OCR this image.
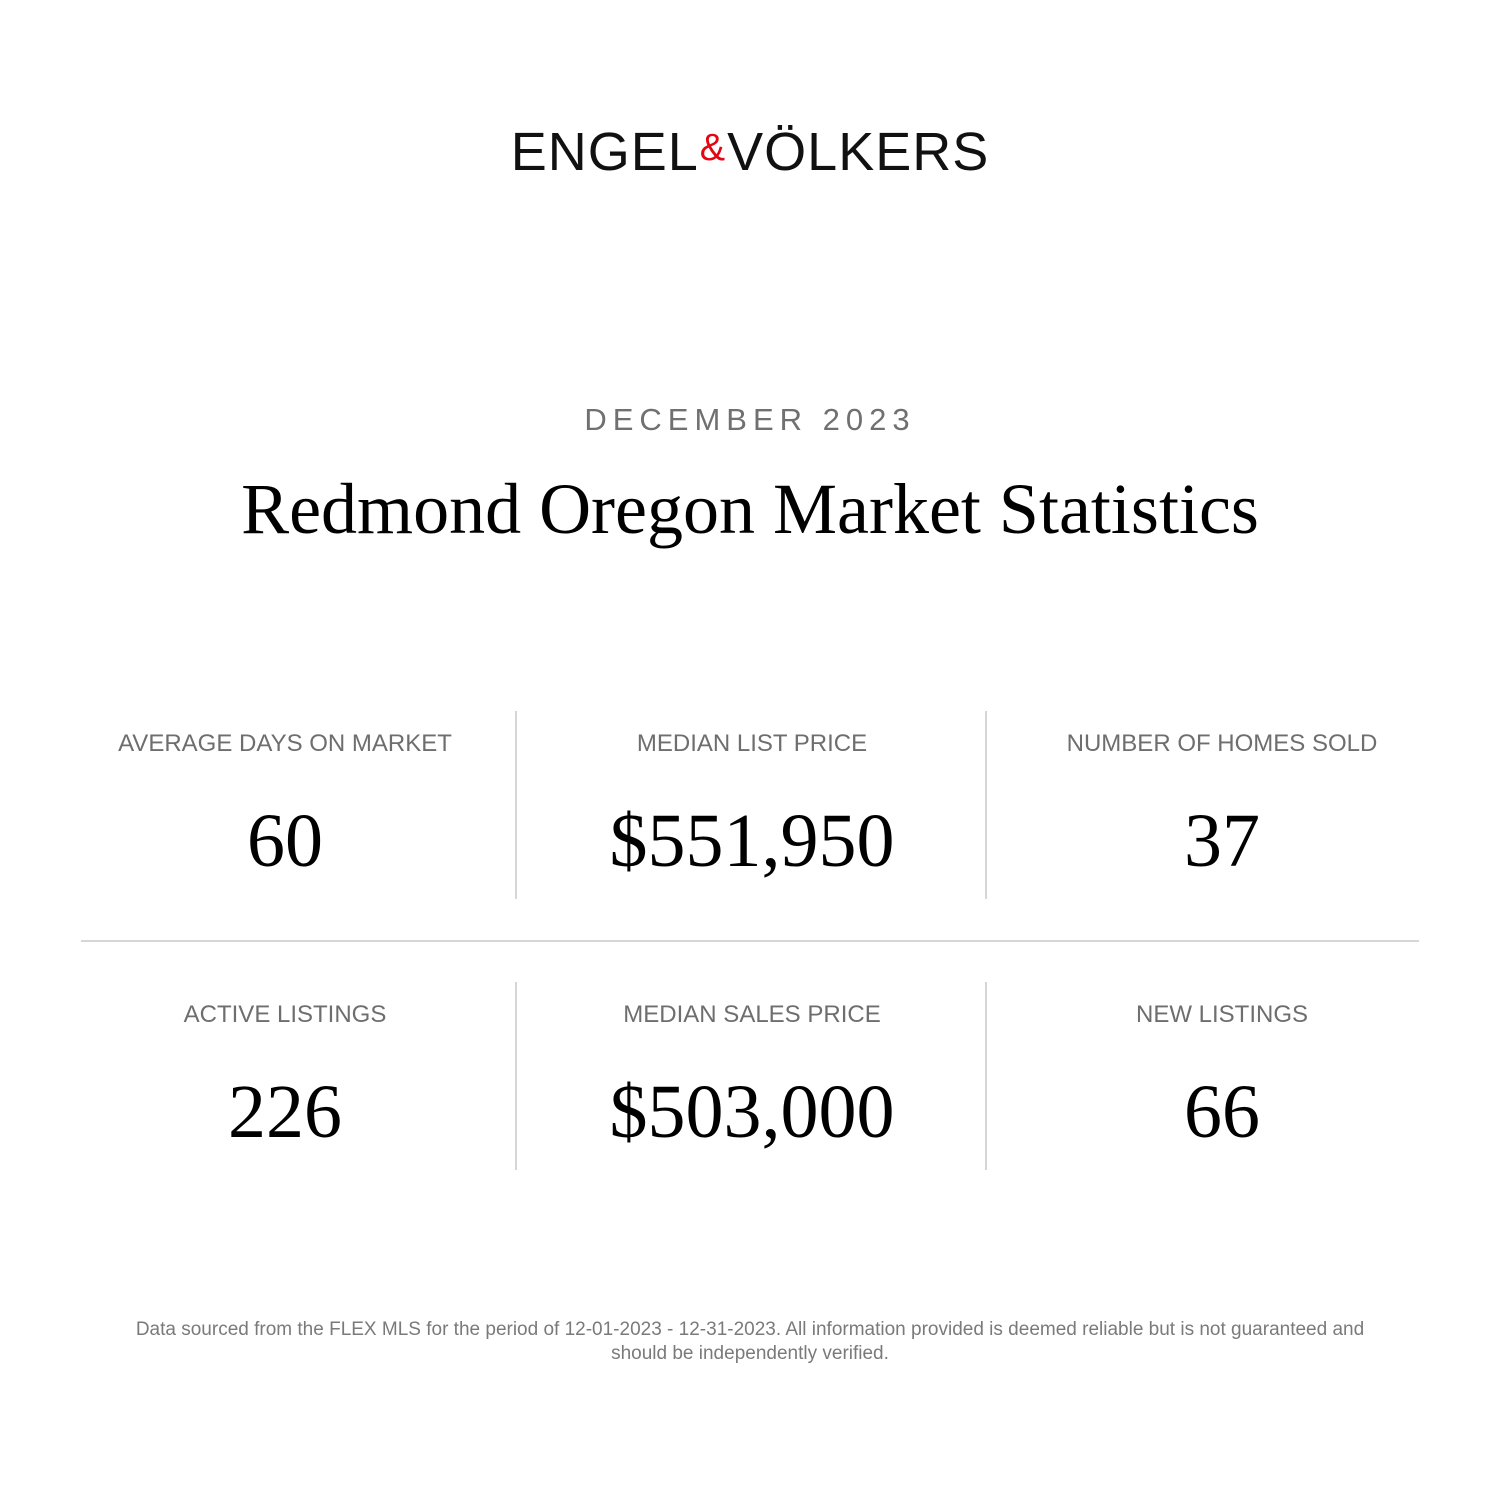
ENGEL&VÖLKERS
DECEMBER 2023
Redmond Oregon Market Statistics
AVERAGE DAYS ON MARKET
60
MEDIAN LIST PRICE
$551,950
NUMBER OF HOMES SOLD
37
ACTIVE LISTINGS
226
MEDIAN SALES PRICE
$503,000
NEW LISTINGS
66
Data sourced from the FLEX MLS for the period of 12-01-2023 - 12-31-2023. All information provided is deemed reliable but is not guaranteed and should be independently verified.
